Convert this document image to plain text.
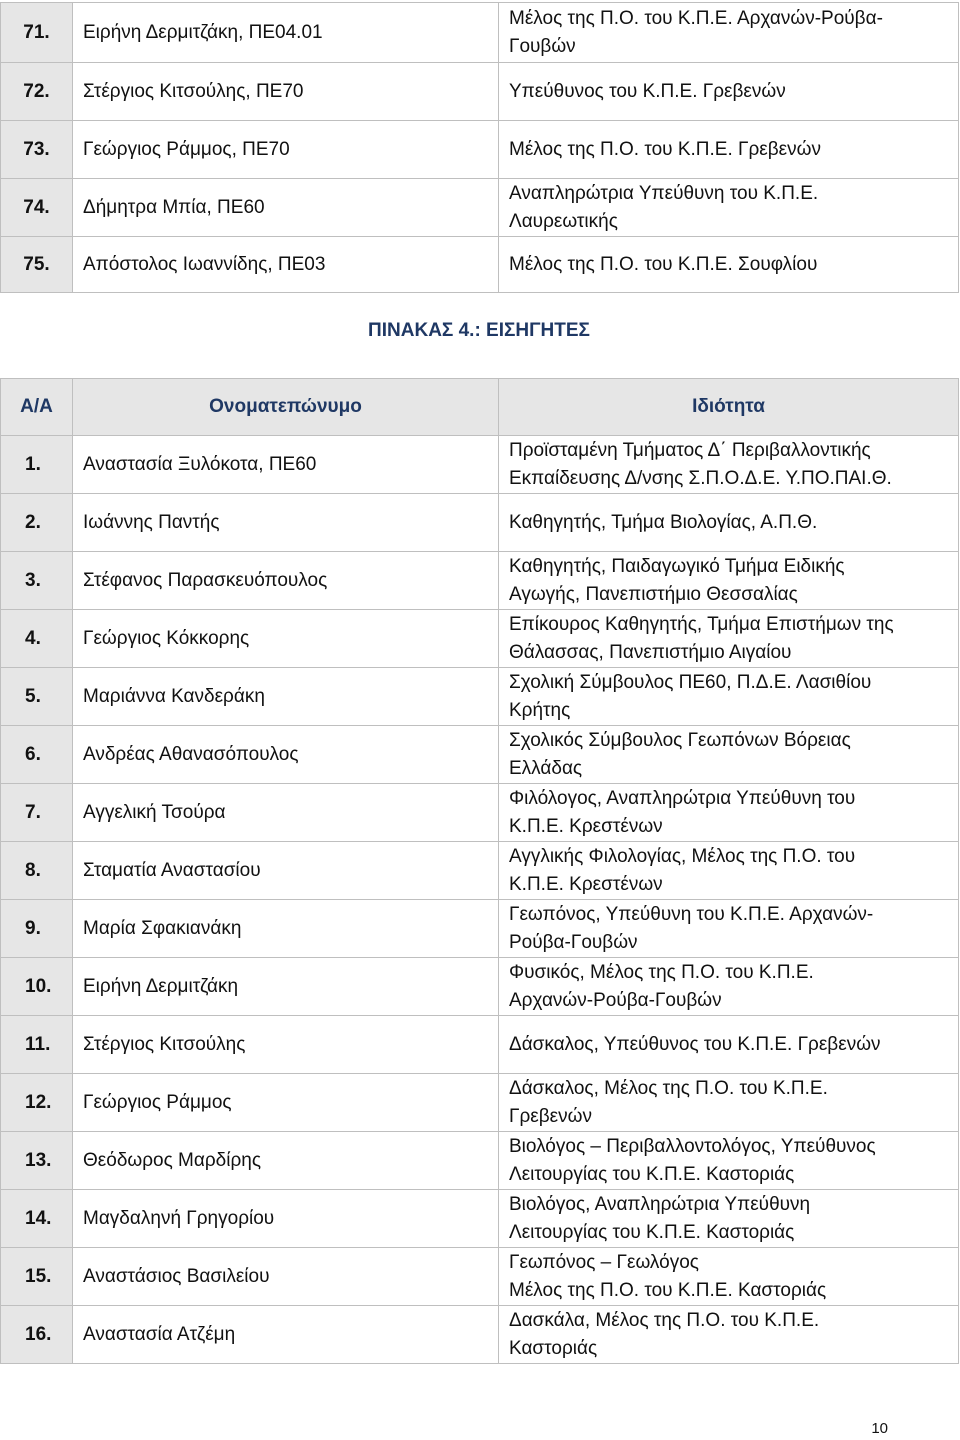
71.	Ειρήνη Δερμιτζάκη, ΠΕ04.01	Μέλος της Π.Ο. του Κ.Π.Ε. Αρχανών-Ρούβα-
Γουβών

72.	Στέργιος Κιτσούλης, ΠΕ70	Υπεύθυνος του Κ.Π.Ε. Γρεβενών

73.	Γεώργιος Ράμμος, ΠΕ70	Μέλος της Π.Ο. του Κ.Π.Ε. Γρεβενών

74.	Δήμητρα Μπία, ΠΕ60	Αναπληρώτρια Υπεύθυνη του Κ.Π.Ε.
Λαυρεωτικής

75.	Απόστολος Ιωαννίδης, ΠΕ03	Μέλος της Π.Ο. του Κ.Π.Ε. Σουφλίου
ΠΙΝΑΚΑΣ 4.: ΕΙΣΗΓΗΤΕΣ
Α/Α	Ονοματεπώνυμο	Ιδιότητα
1.	Αναστασία Ξυλόκοτα, ΠΕ60	Προϊσταμένη Τμήματος Δ΄ Περιβαλλοντικής
Εκπαίδευσης Δ/νσης Σ.Π.Ο.Δ.Ε. Υ.ΠΟ.ΠΑΙ.Θ.

2.	Ιωάννης Παντής	Καθηγητής, Τμήμα Βιολογίας, Α.Π.Θ.

3.	Στέφανος Παρασκευόπουλος	Καθηγητής, Παιδαγωγικό Τμήμα Ειδικής
Αγωγής, Πανεπιστήμιο Θεσσαλίας

4.	Γεώργιος Κόκκορης	Επίκουρος Καθηγητής, Τμήμα Επιστήμων της
Θάλασσας, Πανεπιστήμιο Αιγαίου

5.	Μαριάννα Κανδεράκη	Σχολική Σύμβουλος ΠΕ60, Π.Δ.Ε. Λασιθίου
Κρήτης

6.	Ανδρέας Αθανασόπουλος	Σχολικός Σύμβουλος Γεωπόνων Βόρειας
Ελλάδας

7.	Αγγελική Τσούρα	Φιλόλογος, Αναπληρώτρια Υπεύθυνη του
Κ.Π.Ε. Κρεστένων

8.	Σταματία Αναστασίου	Αγγλικής Φιλολογίας, Μέλος της Π.Ο. του
Κ.Π.Ε. Κρεστένων

9.	Μαρία Σφακιανάκη	Γεωπόνος, Υπεύθυνη του Κ.Π.Ε. Αρχανών-
Ρούβα-Γουβών

10.	Ειρήνη Δερμιτζάκη	Φυσικός, Μέλος της Π.Ο. του Κ.Π.Ε.
Αρχανών-Ρούβα-Γουβών

11.	Στέργιος Κιτσούλης	Δάσκαλος, Υπεύθυνος του Κ.Π.Ε. Γρεβενών

12.	Γεώργιος Ράμμος	Δάσκαλος, Μέλος της Π.Ο. του Κ.Π.Ε.
Γρεβενών

13.	Θεόδωρος Μαρδίρης	Βιολόγος – Περιβαλλοντολόγος, Υπεύθυνος
Λειτουργίας του Κ.Π.Ε. Καστοριάς

14.	Μαγδαληνή Γρηγορίου	Βιολόγος, Αναπληρώτρια Υπεύθυνη
Λειτουργίας του Κ.Π.Ε. Καστοριάς

15.	Αναστάσιος Βασιλείου	Γεωπόνος – Γεωλόγος
Μέλος της Π.Ο. του Κ.Π.Ε. Καστοριάς

16.	Αναστασία Ατζέμη	Δασκάλα, Μέλος της Π.Ο. του Κ.Π.Ε.
Καστοριάς
10
